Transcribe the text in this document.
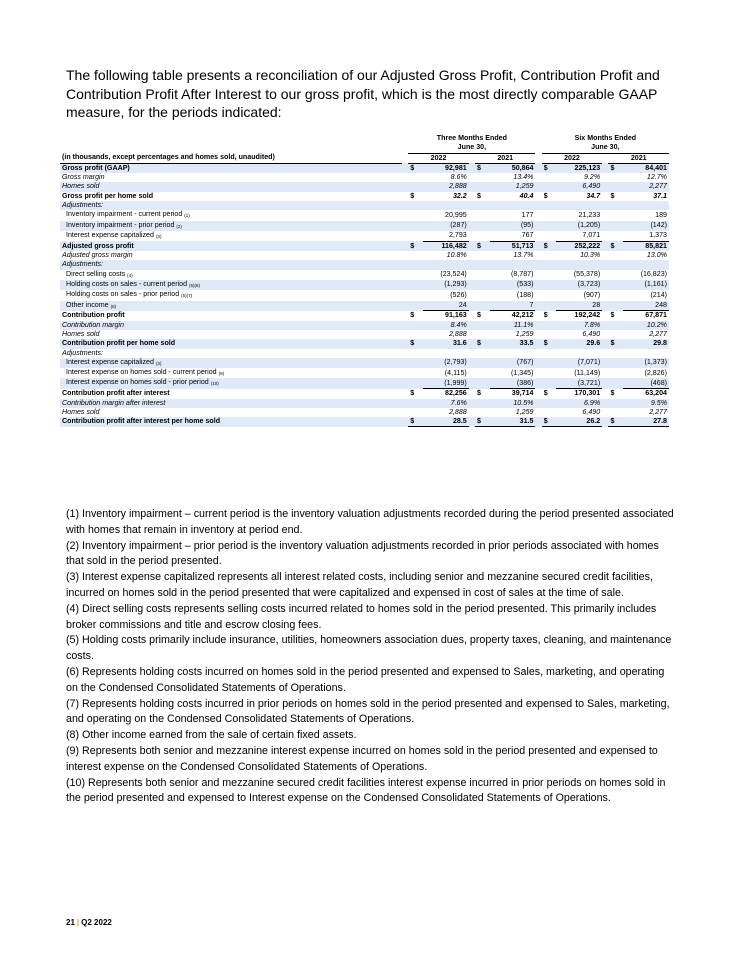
The following table presents a reconciliation of our Adjusted Gross Profit, Contribution Profit and Contribution Profit After Interest to our gross profit, which is the most directly comparable GAAP measure, for the periods indicated:

		Three Months Ended						Six Months Ended				
		June 30,						June 30,				
(in thousands, except percentages and homes sold, unaudited)		2022			2021			2022			2021	
Gross profit (GAAP)		$	92,981		$	50,864		$	225,123		$	84,401
Gross margin			8.6%			13.4%			9.2%			12.7%
Homes sold			2,888			1,259			6,490			2,277
Gross profit per home sold		$	32.2		$	40.4		$	34.7		$	37.1
Adjustments:												
Inventory impairment - current period $_{(1)}$			20,995			177			21,233			189
Inventory impairment - prior period $_{(2)}$			(287)			(95)			(1,205)			(142)
Interest expense capitalized $_{(3)}$			2,793			767			7,071			1,373
Adjusted gross profit		$	116,482		$	51,713		$	252,222		$	85,821
Adjusted gross margin			10.8%			13.7%			10.3%			13.0%
Adjustments:												
Direct selling costs $_{(4)}$			(23,524)			(8,787)			(55,378)			(16,823)
Holding costs on sales - current period $_{(5)(6)}$			(1,293)			(533)			(3,723)			(1,161)
Holding costs on sales - prior period $_{(5)(7)}$			(526)			(188)			(907)			(214)
Other income $_{(8)}$			24			7			28			248
Contribution profit		$	91,163		$	42,212		$	192,242		$	67,871
Contribution margin			8.4%			11.1%			7.8%			10.2%
Homes sold			2,888			1,259			6,490			2,277
Contribution profit per home sold		$	31.6		$	33.5		$	29.6		$	29.8
Adjustments:												
Interest expense capitalized $_{(3)}$			(2,793)			(767)			(7,071)			(1,373)
Interest expense on homes sold - current period $_{(9)}$			(4,115)			(1,345)			(11,149)			(2,826)
Interest expense on homes sold - prior period $_{(10)}$			(1,999)			(386)			(3,721)			(468)
Contribution profit after interest		$	82,256		$	39,714		$	170,301		$	63,204
Contribution margin after interest			7.6%			10.5%			6.9%			9.5%
Homes sold			2,888			1,259			6,490			2,277
Contribution profit after interest per home sold		$	28.5		$	31.5		$	26.2		$	27.8

(1) Inventory impairment – current period is the inventory valuation adjustments recorded during the period presented associated with homes that remain in inventory at period end.

(2) Inventory impairment – prior period is the inventory valuation adjustments recorded in prior periods associated with homes that sold in the period presented.

(3) Interest expense capitalized represents all interest related costs, including senior and mezzanine secured credit facilities, incurred on homes sold in the period presented that were capitalized and expensed in cost of sales at the time of sale.

(4) Direct selling costs represents selling costs incurred related to homes sold in the period presented. This primarily includes broker commissions and title and escrow closing fees.

(5) Holding costs primarily include insurance, utilities, homeowners association dues, property taxes, cleaning, and maintenance costs.

(6) Represents holding costs incurred on homes sold in the period presented and expensed to Sales, marketing, and operating on the Condensed Consolidated Statements of Operations.

(7) Represents holding costs incurred in prior periods on homes sold in the period presented and expensed to Sales, marketing, and operating on the Condensed Consolidated Statements of Operations.

(8) Other income earned from the sale of certain fixed assets.

(9) Represents both senior and mezzanine interest expense incurred on homes sold in the period presented and expensed to interest expense on the Condensed Consolidated Statements of Operations.

(10) Represents both senior and mezzanine secured credit facilities interest expense incurred in prior periods on homes sold in the period presented and expensed to Interest expense on the Condensed Consolidated Statements of Operations.

21 | Q2 2022
